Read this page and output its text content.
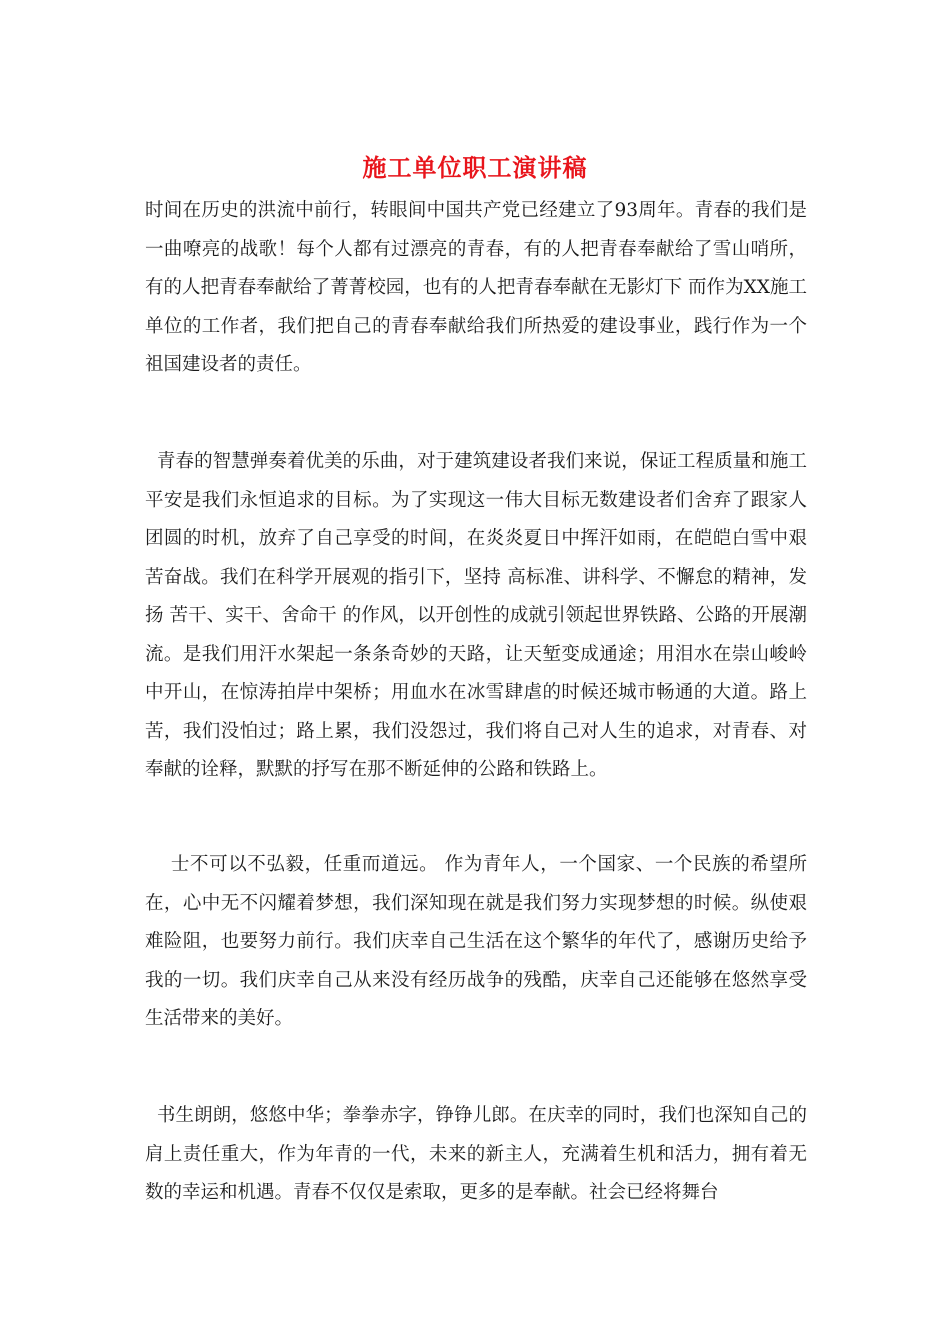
施工单位职工演讲稿
时间在历史的洪流中前行，转眼间中国共产党已经建立了93周年。青春的我们是一曲嘹亮的战歌！每个人都有过漂亮的青春，有的人把青春奉献给了雪山哨所，有的人把青春奉献给了菁菁校园，也有的人把青春奉献在无影灯下 而作为XX施工单位的工作者，我们把自己的青春奉献给我们所热爱的建设事业，践行作为一个祖国建设者的责任。
青春的智慧弹奏着优美的乐曲，对于建筑建设者我们来说，保证工程质量和施工平安是我们永恒追求的目标。为了实现这一伟大目标无数建设者们舍弃了跟家人团圆的时机，放弃了自己享受的时间，在炎炎夏日中挥汗如雨，在皑皑白雪中艰苦奋战。我们在科学开展观的指引下，坚持 高标准、讲科学、不懈怠的精神，发扬 苦干、实干、舍命干 的作风，以开创性的成就引领起世界铁路、公路的开展潮流。是我们用汗水架起一条条奇妙的天路，让天堑变成通途；用泪水在崇山峻岭中开山，在惊涛拍岸中架桥；用血水在冰雪肆虐的时候还城市畅通的大道。路上苦，我们没怕过；路上累，我们没怨过，我们将自己对人生的追求，对青春、对奉献的诠释，默默的抒写在那不断延伸的公路和铁路上。
士不可以不弘毅，任重而道远。 作为青年人，一个国家、一个民族的希望所在，心中无不闪耀着梦想，我们深知现在就是我们努力实现梦想的时候。纵使艰难险阻，也要努力前行。我们庆幸自己生活在这个繁华的年代了，感谢历史给予我的一切。我们庆幸自己从来没有经历战争的残酷，庆幸自己还能够在悠然享受生活带来的美好。
书生朗朗，悠悠中华；拳拳赤字，铮铮儿郎。在庆幸的同时，我们也深知自己的肩上责任重大，作为年青的一代，未来的新主人，充满着生机和活力，拥有着无数的幸运和机遇。青春不仅仅是索取，更多的是奉献。社会已经将舞台
